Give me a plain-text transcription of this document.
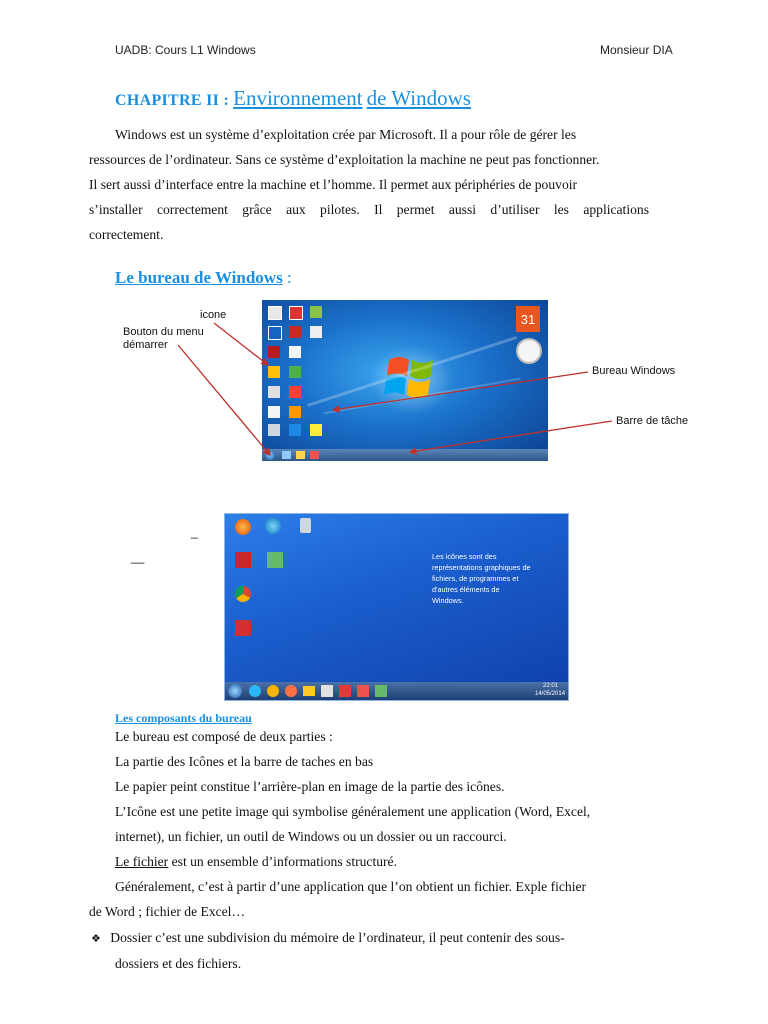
UADB: Cours L1 Windows	Monsieur DIA
CHAPITRE II : Environnement de Windows
Windows est un système d’exploitation crée par Microsoft. Il a pour rôle de gérer les
ressources de l’ordinateur. Sans ce système d’exploitation la machine ne peut pas fonctionner.
Il sert aussi d’interface entre la machine et l’homme. Il permet aux périphéries de pouvoir
s’installer correctement grâce aux pilotes. Il permet aussi d’utiliser les applications
correctement.
Le bureau de Windows :
31
icone
Bouton du menu
démarrer
Bureau Windows
Barre de tâche
_
__	Les icônes sont des
représentations graphiques de
fichiers, de programmes et
d'autres éléments de
Windows.
22:01
14/05/2014
Les composants du bureau
Le bureau est composé de deux parties :
La partie des Icônes et la barre de taches en bas
Le papier peint constitue l’arrière-plan en image de la partie des icônes.
L’Icône est une petite image qui symbolise généralement une application (Word, Excel,
internet), un fichier, un outil de Windows ou un dossier ou un raccourci.
Le fichier est un ensemble d’informations structuré.
Généralement, c’est à partir d’une application que l’on obtient un fichier. Exple fichier
de Word ; fichier de Excel…
❖ Dossier c’est une subdivision du mémoire de l’ordinateur, il peut contenir des sous-
dossiers et des fichiers.
